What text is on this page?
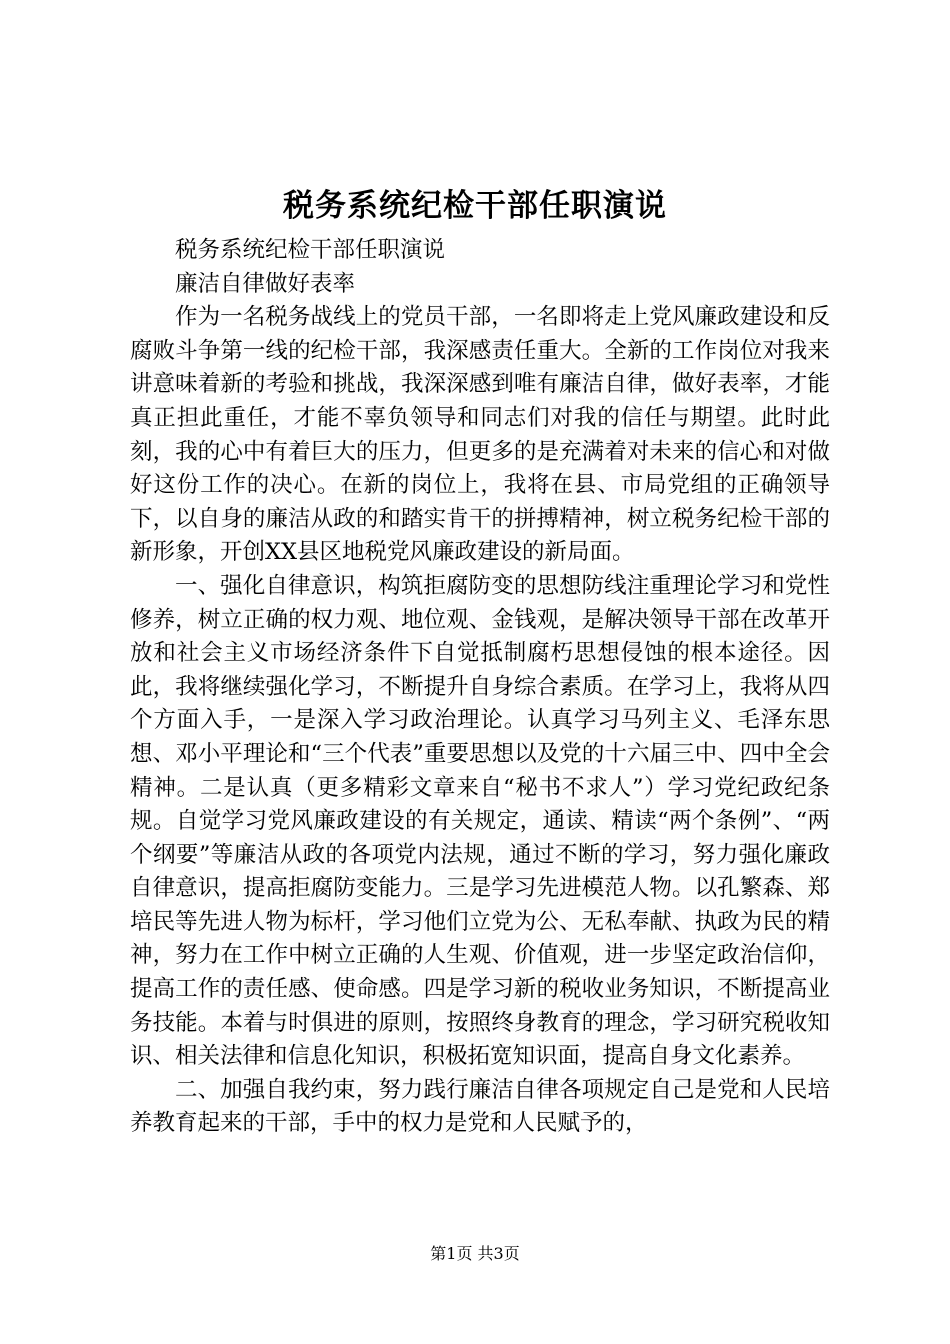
税务系统纪检干部任职演说

税务系统纪检干部任职演说

廉洁自律做好表率

作为一名税务战线上的党员干部，一名即将走上党风廉政建设和反腐败斗争第一线的纪检干部，我深感责任重大。全新的工作岗位对我来讲意味着新的考验和挑战，我深深感到唯有廉洁自律，做好表率，才能真正担此重任，才能不辜负领导和同志们对我的信任与期望。此时此刻，我的心中有着巨大的压力，但更多的是充满着对未来的信心和对做好这份工作的决心。在新的岗位上，我将在县、市局党组的正确领导下，以自身的廉洁从政的和踏实肯干的拼搏精神，树立税务纪检干部的新形象，开创XX县区地税党风廉政建设的新局面。

一、强化自律意识，构筑拒腐防变的思想防线注重理论学习和党性修养，树立正确的权力观、地位观、金钱观，是解决领导干部在改革开放和社会主义市场经济条件下自觉抵制腐朽思想侵蚀的根本途径。因此，我将继续强化学习，不断提升自身综合素质。在学习上，我将从四个方面入手，一是深入学习政治理论。认真学习马列主义、毛泽东思想、邓小平理论和“三个代表”重要思想以及党的十六届三中、四中全会精神。二是认真（更多精彩文章来自“秘书不求人”）学习党纪政纪条规。自觉学习党风廉政建设的有关规定，通读、精读“两个条例”、“两个纲要”等廉洁从政的各项党内法规，通过不断的学习，努力强化廉政自律意识，提高拒腐防变能力。三是学习先进模范人物。以孔繁森、郑培民等先进人物为标杆，学习他们立党为公、无私奉献、执政为民的精神，努力在工作中树立正确的人生观、价值观，进一步坚定政治信仰，提高工作的责任感、使命感。四是学习新的税收业务知识，不断提高业务技能。本着与时俱进的原则，按照终身教育的理念，学习研究税收知识、相关法律和信息化知识，积极拓宽知识面，提高自身文化素养。

二、加强自我约束，努力践行廉洁自律各项规定自己是党和人民培养教育起来的干部，手中的权力是党和人民赋予的，

第1页 共3页
